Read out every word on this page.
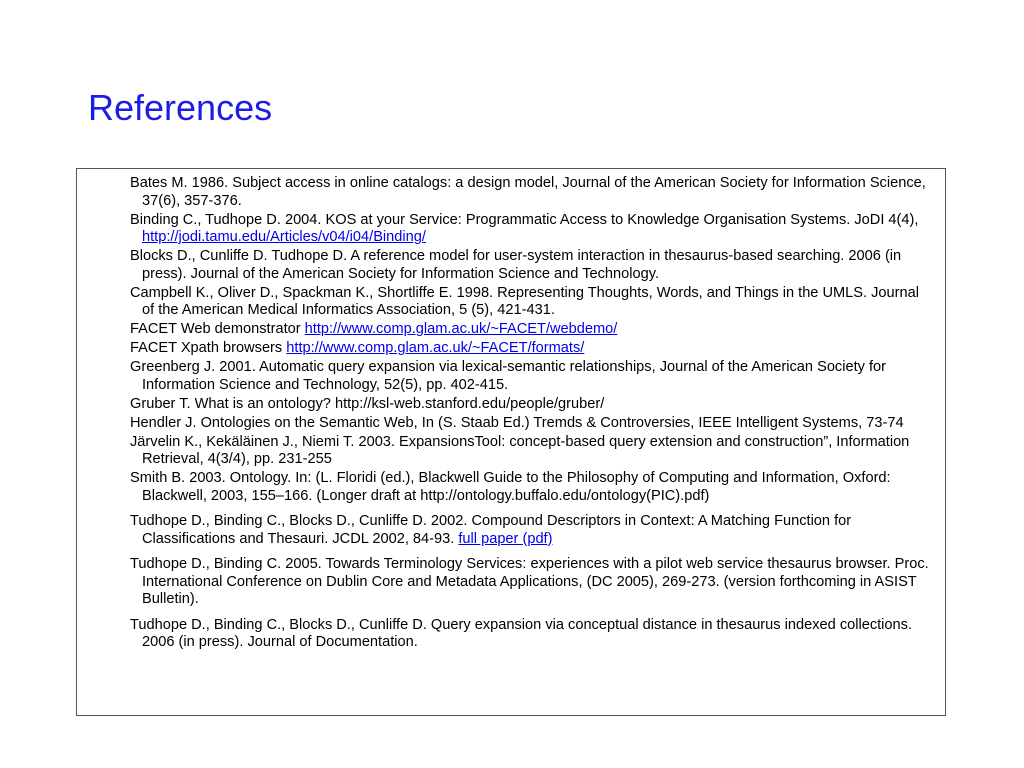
References

Bates M. 1986. Subject access in online catalogs: a design model, Journal of the American Society for Information Science, 37(6), 357-376.

Binding C., Tudhope D. 2004. KOS at your Service: Programmatic Access to Knowledge Organisation Systems. JoDI 4(4), http://jodi.tamu.edu/Articles/v04/i04/Binding/

Blocks D., Cunliffe D. Tudhope D. A reference model for user-system interaction in thesaurus-based searching. 2006 (in press). Journal of the American Society for Information Science and Technology.

Campbell K., Oliver D., Spackman K., Shortliffe E. 1998. Representing Thoughts, Words, and Things in the UMLS. Journal of the American Medical Informatics Association, 5 (5), 421-431.

FACET Web demonstrator http://www.comp.glam.ac.uk/~FACET/webdemo/

FACET Xpath browsers http://www.comp.glam.ac.uk/~FACET/formats/

Greenberg J. 2001. Automatic query expansion via lexical-semantic relationships, Journal of the American Society for Information Science and Technology, 52(5), pp. 402-415.

Gruber T. What is an ontology? http://ksl-web.stanford.edu/people/gruber/

Hendler J. Ontologies on the Semantic Web, In (S. Staab Ed.) Tremds & Controversies, IEEE Intelligent Systems, 73-74

Järvelin K., Kekäläinen J., Niemi T. 2003. ExpansionsTool: concept-based query extension and construction”, Information Retrieval, 4(3/4), pp. 231-255

Smith B. 2003. Ontology. In: (L. Floridi (ed.), Blackwell Guide to the Philosophy of Computing and Information, Oxford: Blackwell, 2003, 155–166. (Longer draft at http://ontology.buffalo.edu/ontology(PIC).pdf)

Tudhope D., Binding C., Blocks D., Cunliffe D. 2002. Compound Descriptors in Context: A Matching Function for Classifications and Thesauri. JCDL 2002, 84-93. full paper (pdf)

Tudhope D., Binding C. 2005. Towards Terminology Services: experiences with a pilot web service thesaurus browser. Proc. International Conference on Dublin Core and Metadata Applications, (DC 2005), 269-273. (version forthcoming in ASIST Bulletin).

Tudhope D., Binding C., Blocks D., Cunliffe D. Query expansion via conceptual distance in thesaurus indexed collections. 2006 (in press). Journal of Documentation.
